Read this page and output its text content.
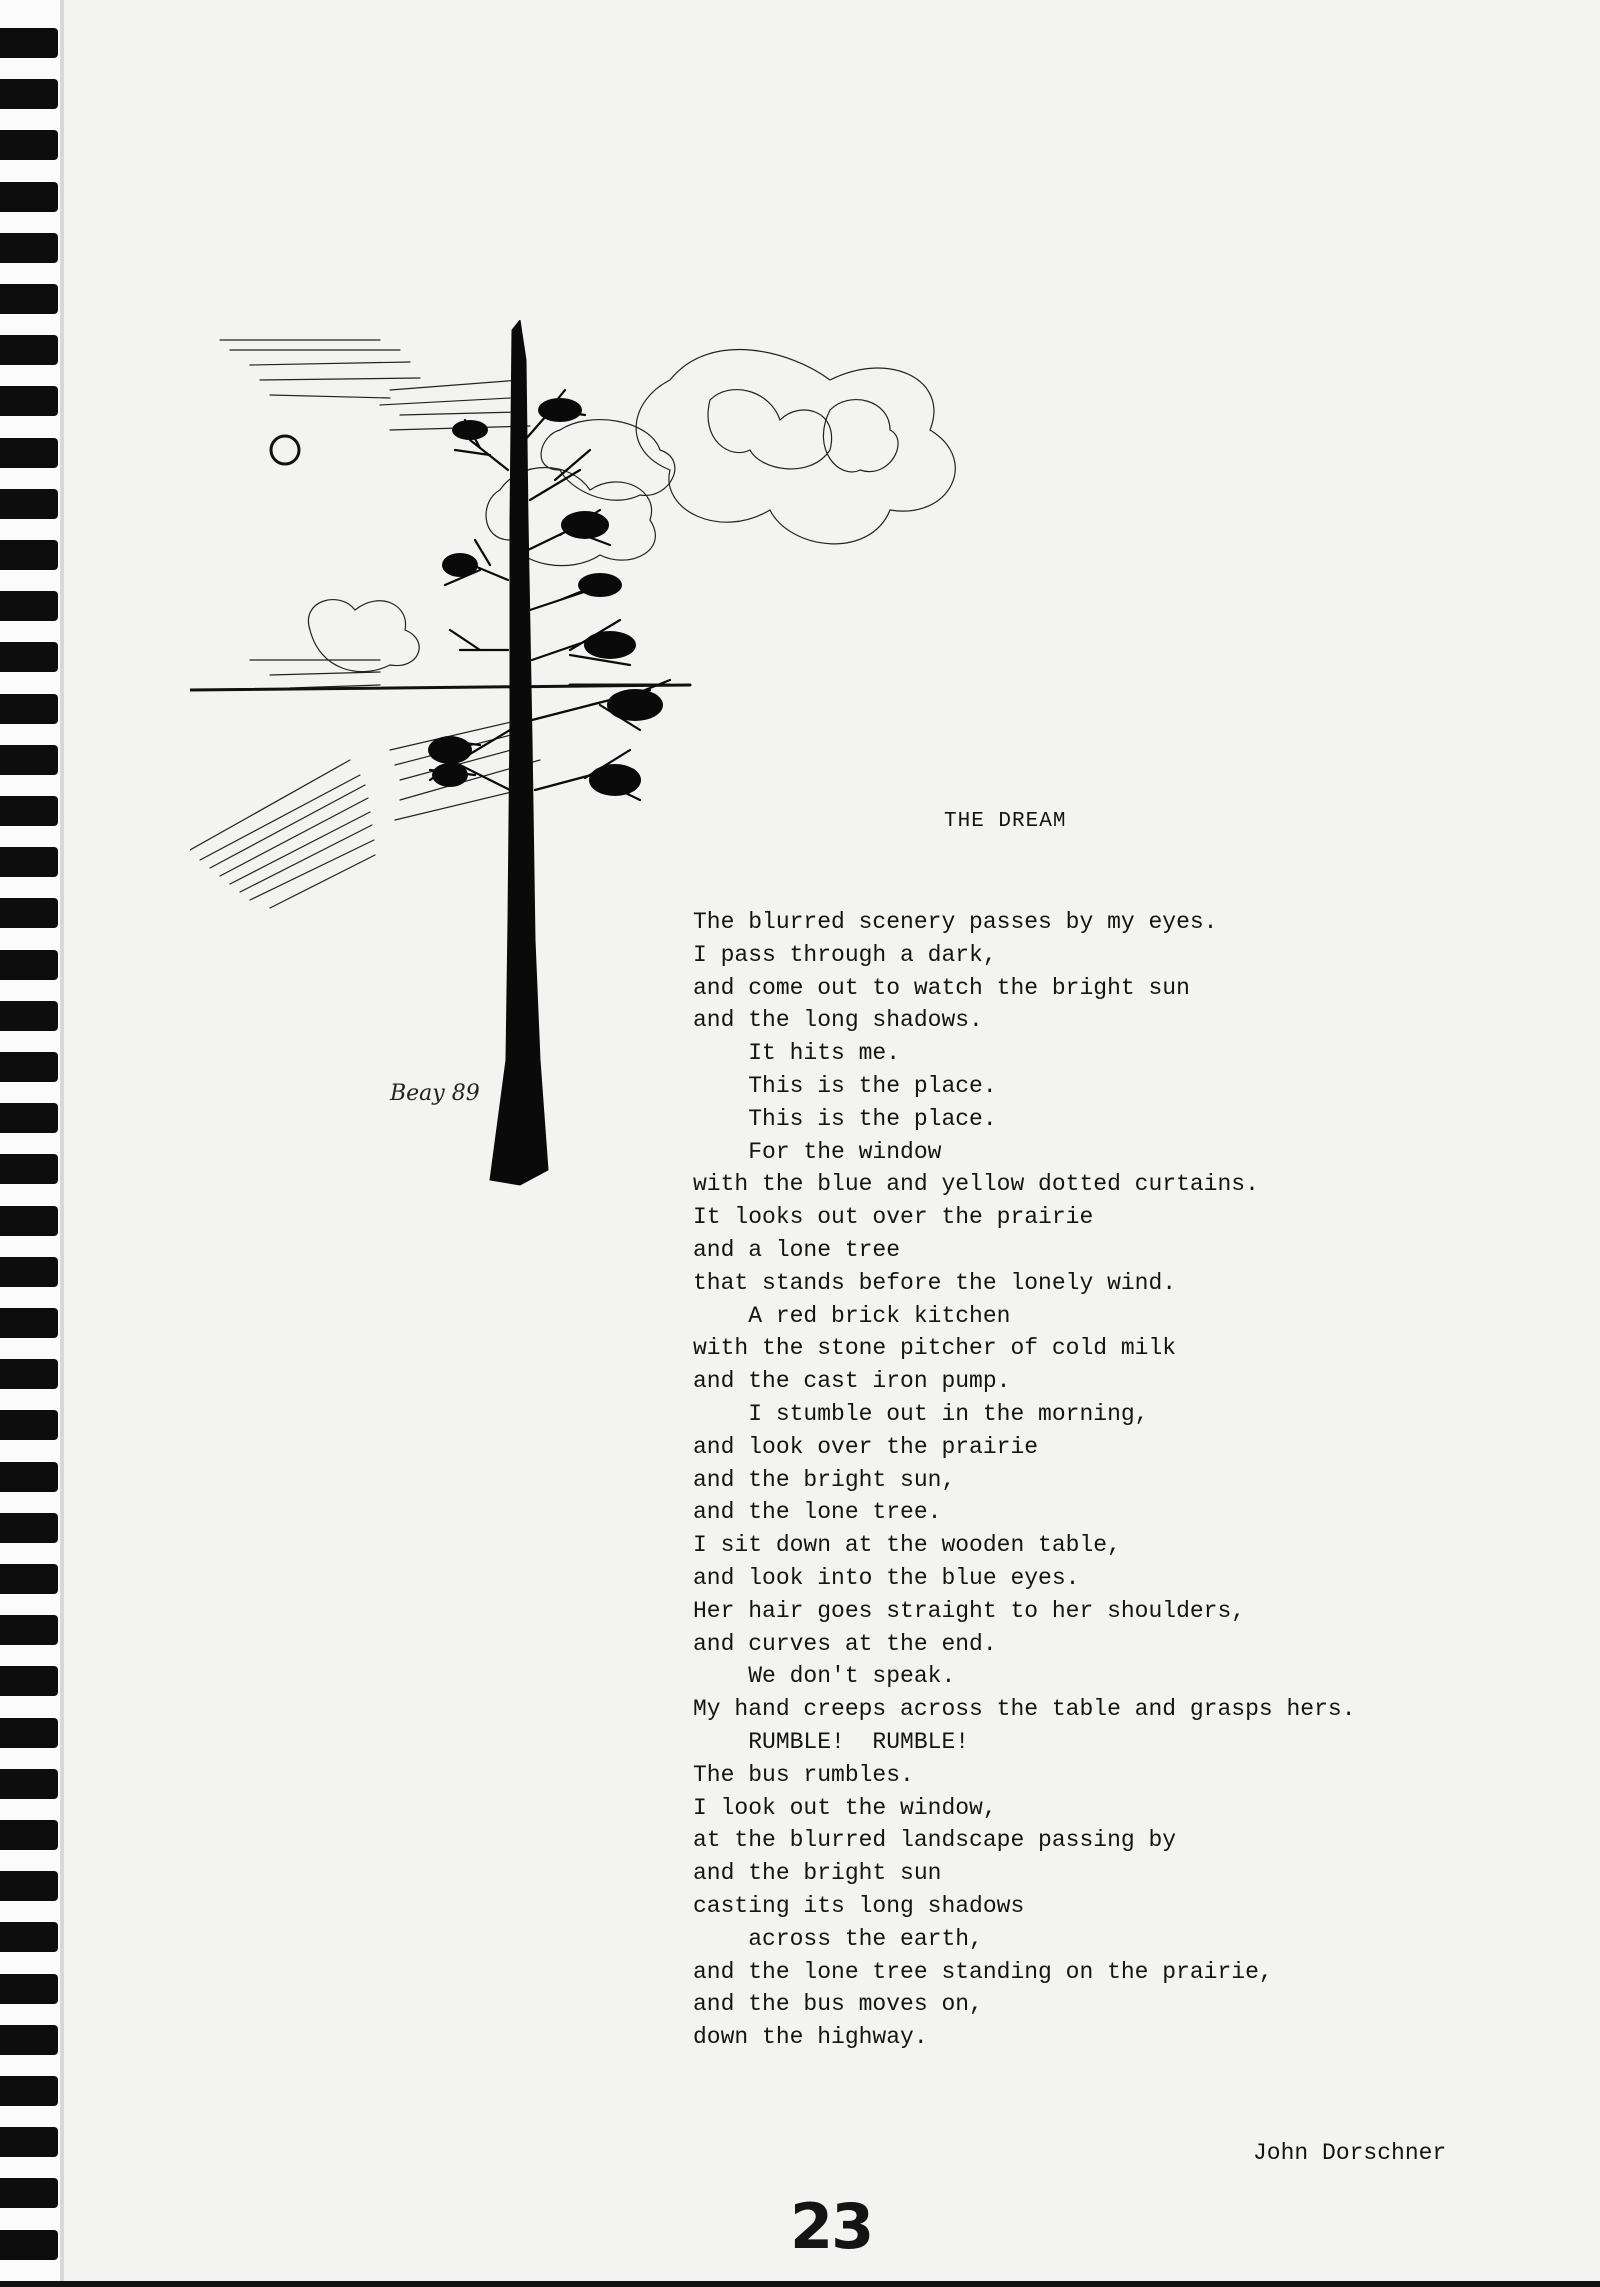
Beay 89
THE DREAM
The blurred scenery passes by my eyes.
I pass through a dark,
and come out to watch the bright sun
and the long shadows.
It hits me.
This is the place.
This is the place.
For the window
with the blue and yellow dotted curtains.
It looks out over the prairie
and a lone tree
that stands before the lonely wind.
A red brick kitchen
with the stone pitcher of cold milk
and the cast iron pump.
I stumble out in the morning,
and look over the prairie
and the bright sun,
and the lone tree.
I sit down at the wooden table,
and look into the blue eyes.
Her hair goes straight to her shoulders,
and curves at the end.
We don't speak.
My hand creeps across the table and grasps hers.
RUMBLE!  RUMBLE!
The bus rumbles.
I look out the window,
at the blurred landscape passing by
and the bright sun
casting its long shadows
across the earth,
and the lone tree standing on the prairie,
and the bus moves on,
down the highway.
John Dorschner
23
